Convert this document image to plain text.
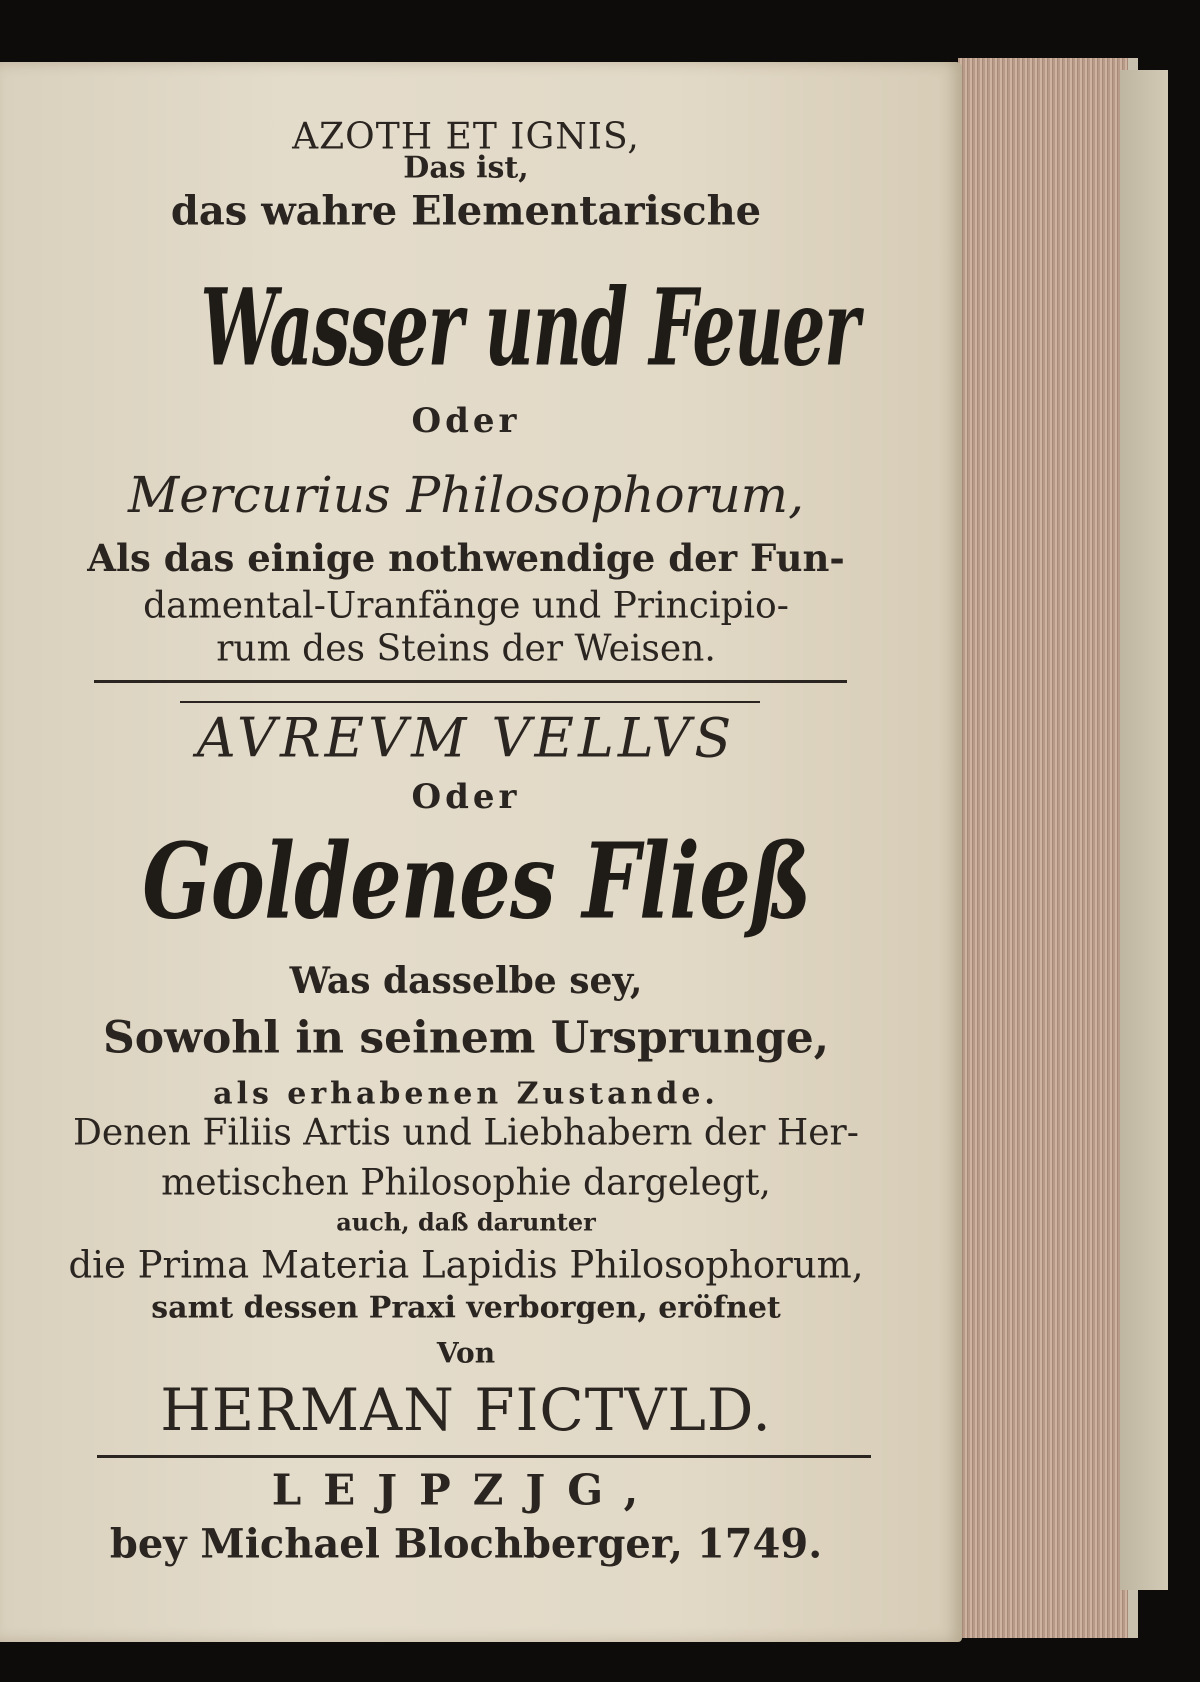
AZOTH ET IGNIS,
Das ist,
das wahre Elementarische
Wasser und Feuer
Oder
Mercurius Philosophorum,
Als das einige nothwendige der Fun-
damental-Uranfänge und Principio-
rum des Steins der Weisen.
AVREVM VELLVS
Oder
Goldenes Fließ
Was dasselbe sey,
Sowohl in seinem Ursprunge,
als erhabenen Zustande.
Denen Filiis Artis und Liebhabern der Her-
metischen Philosophie dargelegt,
auch, daß darunter
die Prima Materia Lapidis Philosophorum,
samt dessen Praxi verborgen, eröfnet
Von
HERMAN FICTVLD.
LEJPZJG,
bey Michael Blochberger, 1749.
